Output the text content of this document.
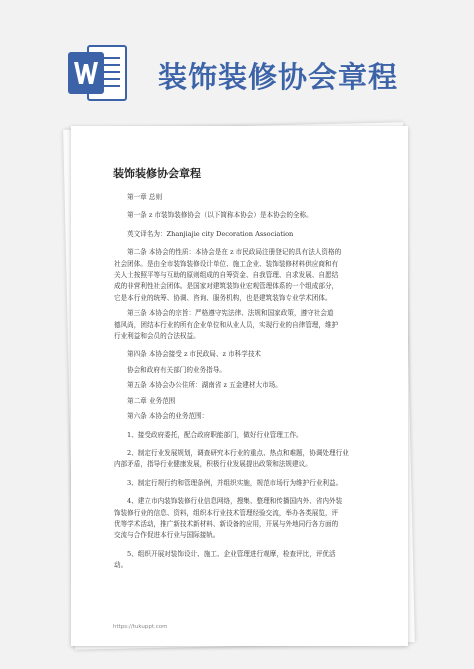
装饰装修协会章程
装饰装修协会章程
第一章 总则
第一条 z 市装饰装修协会（以下简称本协会）是本协会的全称。
英文译名为：Zhanjiajie city Decoration Association
第二条 本协会的性质：本协会是在 z 市民政局注册登记的具有法人资格的
社会团体。是由全市装饰装修设计单位、施工企业、装饰装修材料供应商和有
关人士按照平等与互助的原则组成的自筹资金、自我管理、自求发展、自愿结
成的非营利性社会团体。是国家对建筑装饰业宏观管理体系的一个组成部分，
它是本行业的统筹、协调、咨询、服务机构，也是建筑装饰专业学术团体。
第三条 本协会的宗旨：严格遵守宪法律、法规和国家政策，遵守社会道
德风尚，团结本行业的所有企业单位和从业人员，实现行业的自律管理，维护
行业利益和会员的合法权益。
第四条 本协会接受 z 市民政局、z 市科学技术
协会和政府有关部门的业务指导。
第五条 本协会办公住所：湖南省 z 五金建材大市场。
第二章 业务范围
第六条 本协会的业务范围：
1、接受政府委托，配合政府职能部门，做好行业管理工作。
2、制定行业发展规划，调查研究本行业的重点、热点和难题，协调处理行业
内部矛盾，指导行业健康发展，积极行业发展提出政策和法规建议。
3、制定行规行约和管理条例，并组织实施，规范市场行为维护行业利益。
4、建立市内装饰装修行业信息网络，搜集、整理和传播国内外、省内外装
饰装修行业的信息、资料，组织本行业技术管理经验交流，举办各类展览，评
优等学术活动，推广新技术新材料、新设备的应用，开展与外地同行各方面的
交流与合作促进本行业与国际接轨。
5、组织开展对装饰设计、施工、企业管理进行观摩，检查评比，评优活
动。
https://tukuppt.com
